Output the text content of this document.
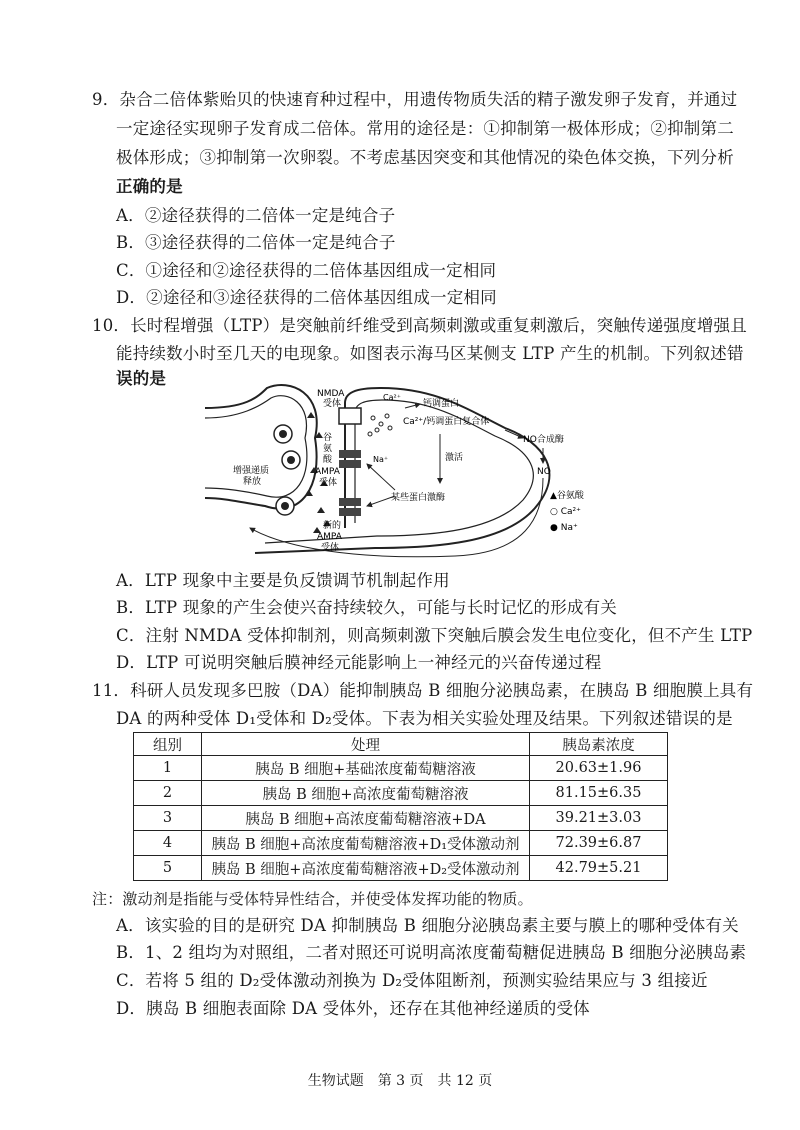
9．杂合二倍体紫贻贝的快速育种过程中，用遗传物质失活的精子激发卵子发育，并通过
一定途径实现卵子发育成二倍体。常用的途径是：①抑制第一极体形成；②抑制第二
极体形成；③抑制第一次卵裂。不考虑基因突变和其他情况的染色体交换，下列分析
正确的是
A．②途径获得的二倍体一定是纯合子
B．③途径获得的二倍体一定是纯合子
C．①途径和②途径获得的二倍体基因组成一定相同
D．②途径和③途径获得的二倍体基因组成一定相同
10．长时程增强（LTP）是突触前纤维受到高频刺激或重复刺激后，突触传递强度增强且
能持续数小时至几天的电现象。如图表示海马区某侧支 LTP 产生的机制。下列叙述错
误的是
NMDA
受体
谷
氨
酸
Ca²⁺
钙调蛋白
Ca²⁺/钙调蛋白复合体
NO合成酶
NO
Na⁺	激活
增强递质
释放
AMPA
受体
某些蛋白激酶
新的
AMPA
受体
▲谷氨酸
○ Ca²⁺
● Na⁺
A．LTP 现象中主要是负反馈调节机制起作用
B．LTP 现象的产生会使兴奋持续较久，可能与长时记忆的形成有关
C．注射 NMDA 受体抑制剂，则高频刺激下突触后膜会发生电位变化，但不产生 LTP
D．LTP 可说明突触后膜神经元能影响上一神经元的兴奋传递过程
11．科研人员发现多巴胺（DA）能抑制胰岛 B 细胞分泌胰岛素，在胰岛 B 细胞膜上具有
DA 的两种受体 D₁受体和 D₂受体。下表为相关实验处理及结果。下列叙述错误的是
组别	处理	胰岛素浓度
1	胰岛 B 细胞+基础浓度葡萄糖溶液	20.63±1.96
2	胰岛 B 细胞+高浓度葡萄糖溶液	81.15±6.35
3	胰岛 B 细胞+高浓度葡萄糖溶液+DA	39.21±3.03
4	胰岛 B 细胞+高浓度葡萄糖溶液+D₁受体激动剂	72.39±6.87
5	胰岛 B 细胞+高浓度葡萄糖溶液+D₂受体激动剂	42.79±5.21
注：激动剂是指能与受体特异性结合，并使受体发挥功能的物质。
A．该实验的目的是研究 DA 抑制胰岛 B 细胞分泌胰岛素主要与膜上的哪种受体有关
B．1、2 组均为对照组，二者对照还可说明高浓度葡萄糖促进胰岛 B 细胞分泌胰岛素
C．若将 5 组的 D₂受体激动剂换为 D₂受体阻断剂，预测实验结果应与 3 组接近
D．胰岛 B 细胞表面除 DA 受体外，还存在其他神经递质的受体
生物试题　第 3 页　共 12 页
